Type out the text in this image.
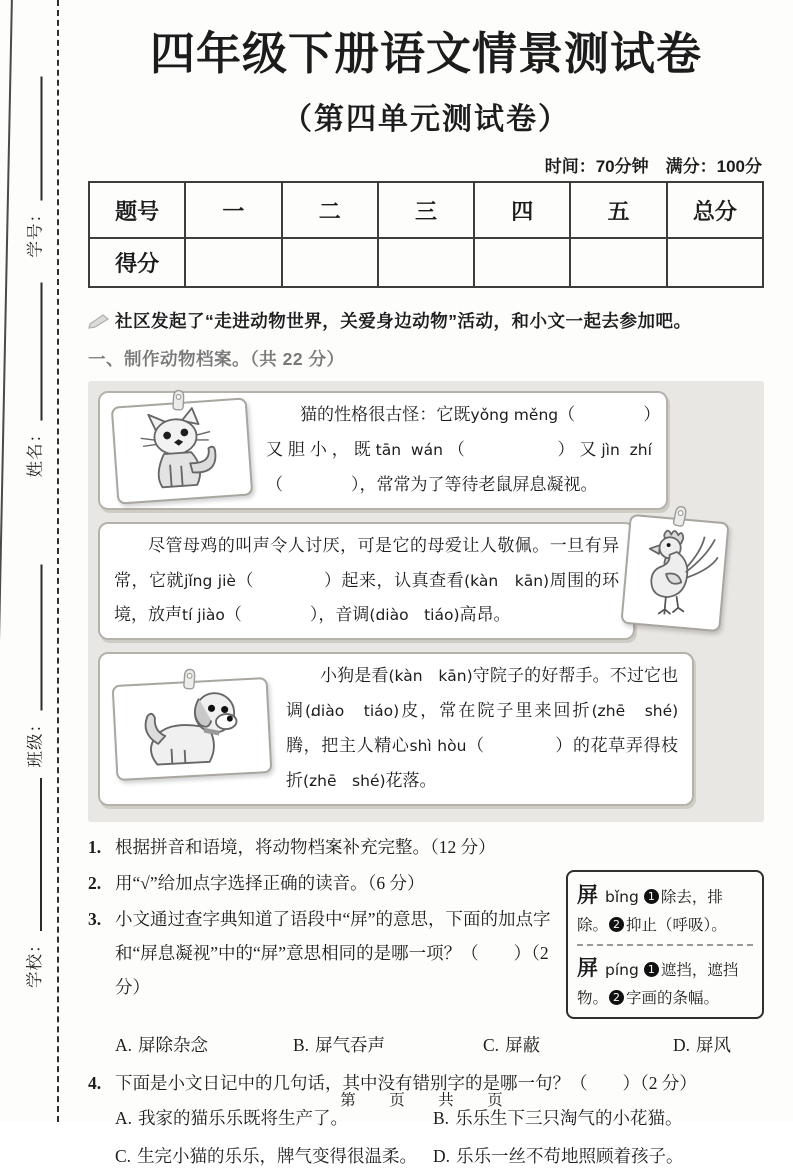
学号：
姓名：
班级：
学校：
四年级下册语文情景测试卷
（第四单元测试卷）
时间：70分钟　满分：100分
题号	一	二	三	四	五	总分
得分						
社区发起了“走进动物世界，关爱身边动物”活动，和小文一起去参加吧。
一、制作动物档案。（共 22 分）
猫的性格很古怪：它既yǒng měng（　　　　）又胆小，既tān wán（　　　　）又jìn zhí（　　　　），常常为了等待老鼠屏息凝视。
尽管母鸡的叫声令人讨厌，可是它的母爱让人敬佩。一旦有异常，它就jǐng jiè（　　　　）起来，认真查看(kàn　kān)周围的环境，放声tí jiào（　　　　），音调(diào　tiáo)高昂。
小狗是看(kàn　kān)守院子的好帮手。不过它也调(diào　tiáo)皮，常在院子里来回折(zhē　shé)腾，把主人精心shì hòu（　　　　）的花草弄得枝折(zhē　shé)花落。
1. 根据拼音和语境，将动物档案补充完整。（12 分）
屏 bǐng 1 除去，排除。 2 抑止（呼吸）。
屏 píng 1 遮挡，遮挡物。 2 字画的条幅。
2. 用“√”给加点字选择正确的读音。（6 分）
3. 小文通过查字典知道了语段中“屏”的意思，下面的加点字和“屏息凝视”中的“屏”意思相同的是哪一项？（　　）（2 分）
A. 屏除杂念	B. 屏气吞声	C. 屏蔽	D. 屏风
4. 下面是小文日记中的几句话，其中没有错别字的是哪一句？（　　）（2 分）
A. 我家的猫乐乐既将生产了。	B. 乐乐生下三只淘气的小花猫。
C. 生完小猫的乐乐，牌气变得很温柔。 D. 乐乐一丝不苟地照顾着孩子。
第　页　共　页
